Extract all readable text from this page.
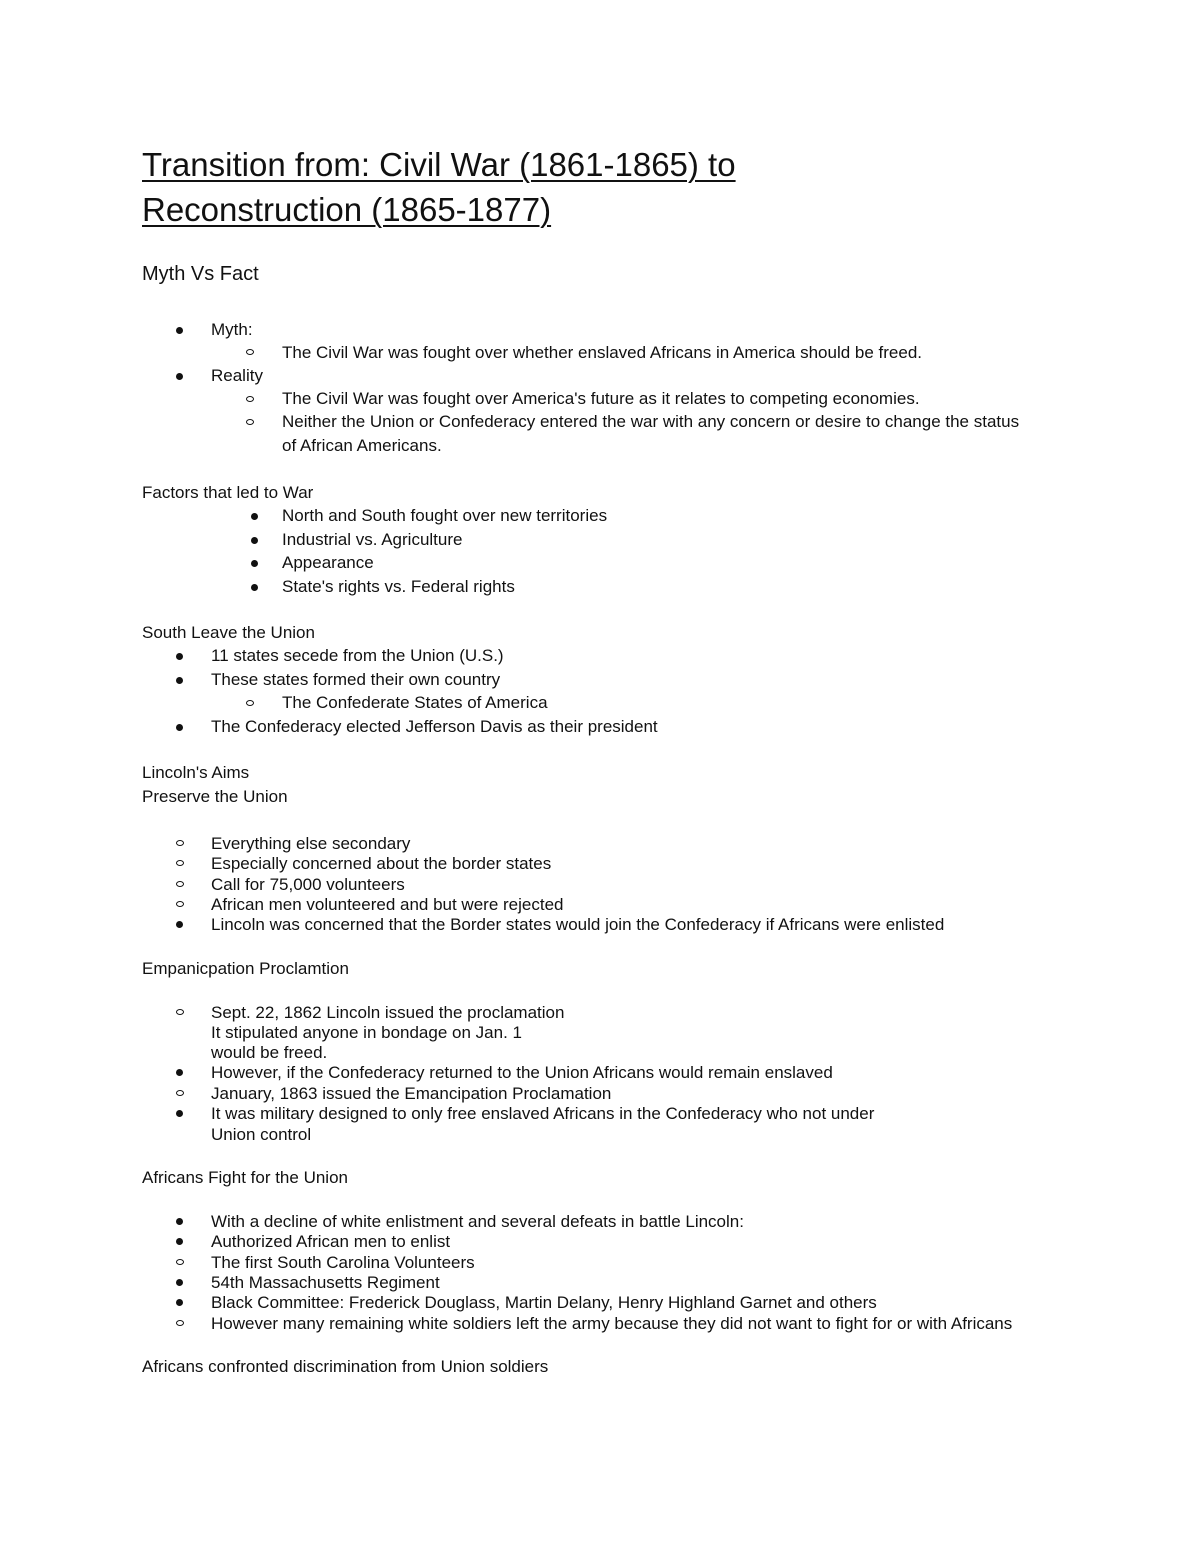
Transition from: Civil War (1861-1865) to
Reconstruction (1865-1877)
Myth Vs Fact
Myth:
The Civil War was fought over whether enslaved Africans in America should be freed.
Reality
The Civil War was fought over America's future as it relates to competing economies.
Neither the Union or Confederacy entered the war with any concern or desire to change the status
of African Americans.
Factors that led to War
North and South fought over new territories
Industrial vs. Agriculture
Appearance
State's rights vs. Federal rights
South Leave the Union
11 states secede from the Union (U.S.)
These states formed their own country
The Confederate States of America
The Confederacy elected Jefferson Davis as their president
Lincoln's Aims
Preserve the Union
Everything else secondary
Especially concerned about the border states
Call for 75,000 volunteers
African men volunteered and but were rejected
Lincoln was concerned that the Border states would join the Confederacy if Africans were enlisted
Empanicpation Proclamtion
Sept. 22, 1862 Lincoln issued the proclamation
It stipulated anyone in bondage on Jan. 1
would be freed.
However, if the Confederacy returned to the Union Africans would remain enslaved
January, 1863 issued the Emancipation Proclamation
It was military designed to only free enslaved Africans in the Confederacy who not under
Union control
Africans Fight for the Union
With a decline of white enlistment and several defeats in battle Lincoln:
Authorized African men to enlist
The first South Carolina Volunteers
54th Massachusetts Regiment
Black Committee: Frederick Douglass, Martin Delany, Henry Highland Garnet and others
However many remaining white soldiers left the army because they did not want to fight for or with Africans
Africans confronted discrimination from Union soldiers
